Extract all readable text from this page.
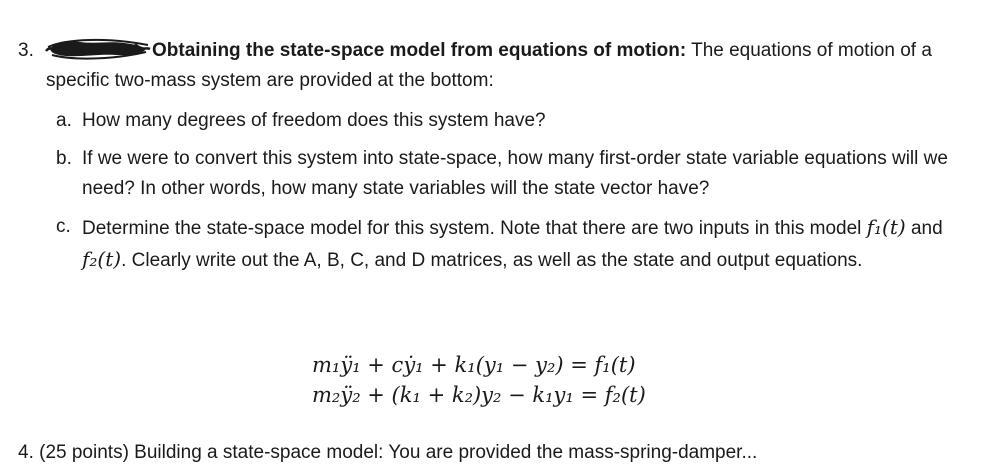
3.	Obtaining the state-space model from equations of motion: The equations of motion of a specific two-mass system are provided at the bottom:
a. How many degrees of freedom does this system have?
b. If we were to convert this system into state-space, how many first-order state variable equations will we need? In other words, how many state variables will the state vector have?
c. Determine the state-space model for this system. Note that there are two inputs in this model f₁(t) and f₂(t). Clearly write out the A, B, C, and D matrices, as well as the state and output equations.
m₁ÿ₁ + cẏ₁ + k₁(y₁ − y₂) = f₁(t)
m₂ÿ₂ + (k₁ + k₂)y₂ − k₁y₁ = f₂(t)
4. (25 points) Building a state-space model: You are provided the mass-spring-damper...
